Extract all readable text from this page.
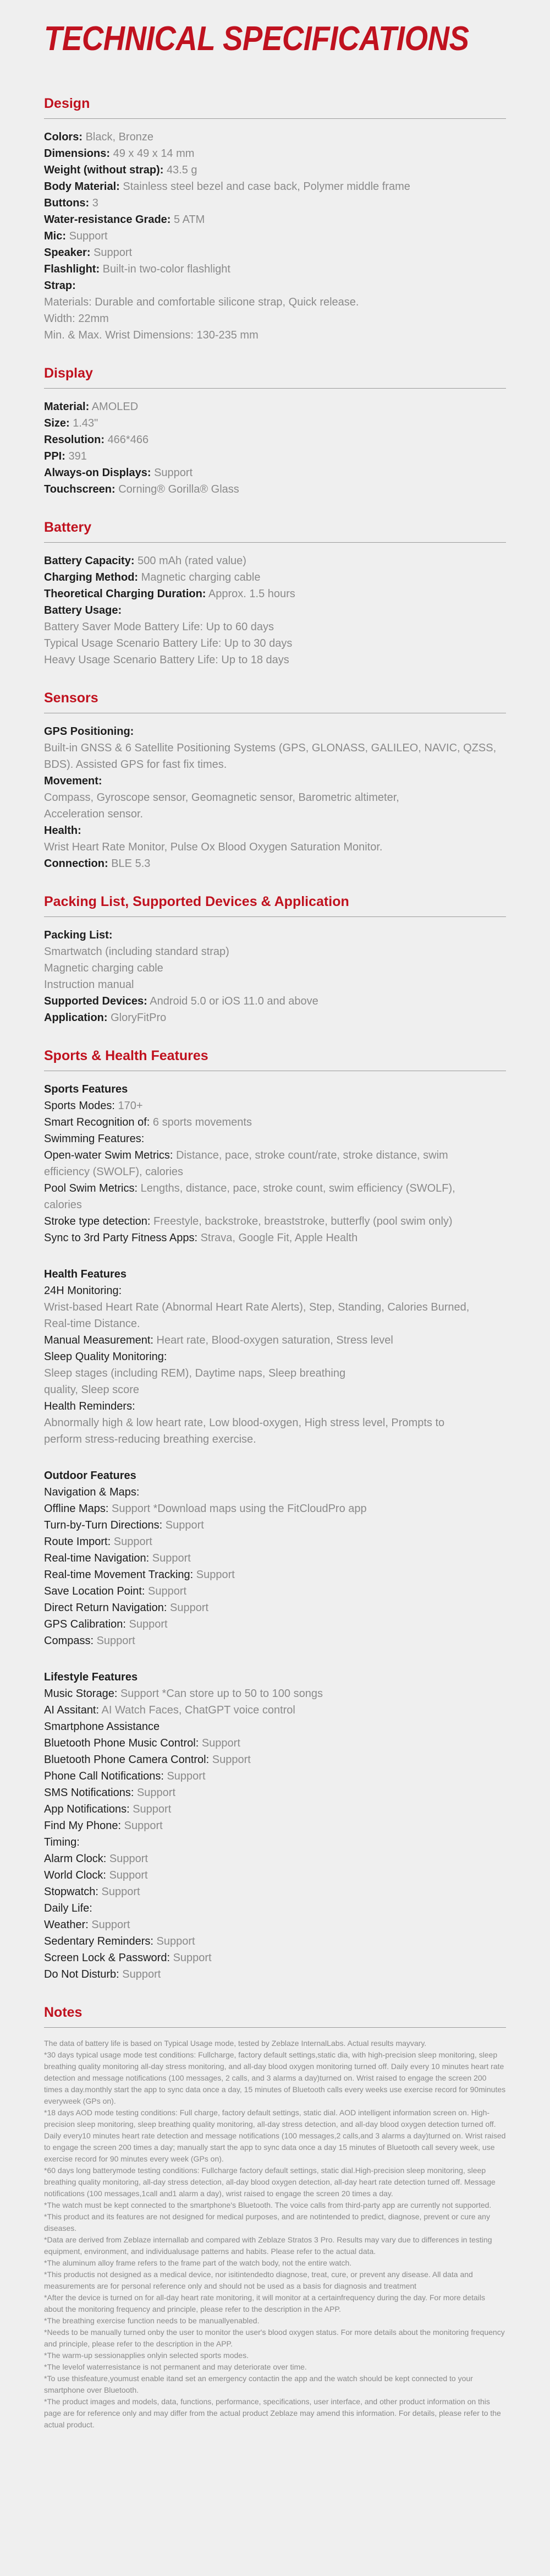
TECHNICAL SPECIFICATIONS
Design
Colors: Black, Bronze
Dimensions: 49 x 49 x 14 mm
Weight (without strap): 43.5 g
Body Material: Stainless steel bezel and case back, Polymer middle frame
Buttons: 3
Water-resistance Grade: 5 ATM
Mic: Support
Speaker: Support
Flashlight: Built-in two-color flashlight
Strap:
Materials: Durable and comfortable silicone strap, Quick release.
Width: 22mm
Min. & Max. Wrist Dimensions: 130-235 mm
Display
Material: AMOLED
Size: 1.43"
Resolution: 466*466
PPI: 391
Always-on Displays: Support
Touchscreen: Corning® Gorilla® Glass
Battery
Battery Capacity: 500 mAh (rated value)
Charging Method: Magnetic charging cable
Theoretical Charging Duration: Approx. 1.5 hours
Battery Usage:
Battery Saver Mode Battery Life: Up to 60 days
Typical Usage Scenario Battery Life: Up to 30 days
Heavy Usage Scenario Battery Life: Up to 18 days
Sensors
GPS Positioning:
Built-in GNSS & 6 Satellite Positioning Systems (GPS, GLONASS, GALILEO, NAVIC, QZSS,
BDS). Assisted GPS for fast fix times.
Movement:
Compass, Gyroscope sensor, Geomagnetic sensor, Barometric altimeter,
Acceleration sensor.
Health:
Wrist Heart Rate Monitor, Pulse Ox Blood Oxygen Saturation Monitor.
Connection: BLE 5.3
Packing List, Supported Devices & Application
Packing List:
Smartwatch (including standard strap)
Magnetic charging cable
Instruction manual
Supported Devices: Android 5.0 or iOS 11.0 and above
Application: GloryFitPro
Sports & Health Features
Sports Features
Sports Modes: 170+
Smart Recognition of: 6 sports movements
Swimming Features:
Open-water Swim Metrics: Distance, pace, stroke count/rate, stroke distance, swim
efficiency (SWOLF), calories
Pool Swim Metrics: Lengths, distance, pace, stroke count, swim efficiency (SWOLF),
calories
Stroke type detection: Freestyle, backstroke, breaststroke, butterfly (pool swim only)
Sync to 3rd Party Fitness Apps: Strava, Google Fit, Apple Health
Health Features
24H Monitoring:
Wrist-based Heart Rate (Abnormal Heart Rate Alerts), Step, Standing, Calories Burned,
Real-time Distance.
Manual Measurement: Heart rate, Blood-oxygen saturation, Stress level
Sleep Quality Monitoring:
Sleep stages (including REM), Daytime naps, Sleep breathing
quality, Sleep score
Health Reminders:
Abnormally high & low heart rate, Low blood-oxygen, High stress level, Prompts to
perform stress-reducing breathing exercise.
Outdoor Features
Navigation & Maps:
Offline Maps: Support *Download maps using the FitCloudPro app
Turn-by-Turn Directions: Support
Route Import: Support
Real-time Navigation: Support
Real-time Movement Tracking: Support
Save Location Point: Support
Direct Return Navigation: Support
GPS Calibration: Support
Compass: Support
Lifestyle Features
Music Storage: Support *Can store up to 50 to 100 songs
AI Assitant: AI Watch Faces, ChatGPT voice control
Smartphone Assistance
Bluetooth Phone Music Control: Support
Bluetooth Phone Camera Control: Support
Phone Call Notifications: Support
SMS Notifications: Support
App Notifications: Support
Find My Phone: Support
Timing:
Alarm Clock: Support
World Clock: Support
Stopwatch: Support
Daily Life:
Weather: Support
Sedentary Reminders: Support
Screen Lock & Password: Support
Do Not Disturb: Support
Notes

The data of battery life is based on Typical Usage mode, tested by Zeblaze InternalLabs. Actual results mayvary.

*30 days typical usage mode test conditions: Fullcharge, factory default settings,static dia, with high-precision sleep monitoring, sleep breathing quality monitoring all-day stress monitoring, and all-day blood oxygen monitoring turned off. Daily every 10 minutes heart rate detection and message notifications (100 messages, 2 calls, and 3 alarms a day)turned on. Wrist raised to engage the screen 200 times a day.monthly start the app to sync data once a day, 15 minutes of Bluetooth calls every weeks use exercise record for 90minutes everyweek (GPs on).

*18 days AOD mode testing conditions: Full charge, factory default settings, static dial. AOD intelligent information screen on. High-precision sleep monitoring, sleep breathing quality monitoring, all-day stress detection, and all-day blood oxygen detection turned off. Daily every10 minutes heart rate detection and message notifications (100 messages,2 calls,and 3 alarms a day)turned on. Wrist raised to engage the screen 200 times a day; manually start the app to sync data once a day 15 minutes of Bluetooth call severy week, use exercise record for 90 minutes every week (GPs on).

*60 days long batterymode testing conditions: Fullcharge factory default settings, static dial.High-precision sleep monitoring, sleep breathing quality monitoring, all-day stress detection, all-day blood oxygen detection, all-day heart rate detection turned off. Message notifications (100 messages,1call and1 alarm a day), wrist raised to engage the screen 20 times a day.

*The watch must be kept connected to the smartphone's Bluetooth. The voice calls from third-party app are currently not supported.

*This product and its features are not designed for medical purposes, and are notintended to predict, diagnose, prevent or cure any diseases.

*Data are derived from Zeblaze internallab and compared with Zeblaze Stratos 3 Pro. Results may vary due to differences in testing equipment, environment, and individualusage patterns and habits. Please refer to the actual data.

*The aluminum alloy frame refers to the frame part of the watch body, not the entire watch.

*This productis not designed as a medical device, nor isitintendedto diagnose, treat, cure, or prevent any disease. All data and measurements are for personal reference only and should not be used as a basis for diagnosis and treatment

*After the device is turned on for all-day heart rate monitoring, it will monitor at a certainfrequency during the day. For more details about the monitoring frequency and principle, please refer to the description in the APP.

*The breathing exercise function needs to be manuallyenabled.

*Needs to be manually turned onby the user to monitor the user's blood oxygen status. For more details about the monitoring frequency and principle, please refer to the description in the APP.

*The warm-up sessionapplies onlyin selected sports modes.

*The levelof waterresistance is not permanent and may deteriorate over time.

*To use thisfeature,youmust enable itand set an emergency contactin the app and the watch should be kept connected to your smartphone over Bluetooth.

*The product images and models, data, functions, performance, specifications, user interface, and other product information on this page are for reference only and may differ from the actual product Zeblaze may amend this information. For details, please refer to the actual product.
